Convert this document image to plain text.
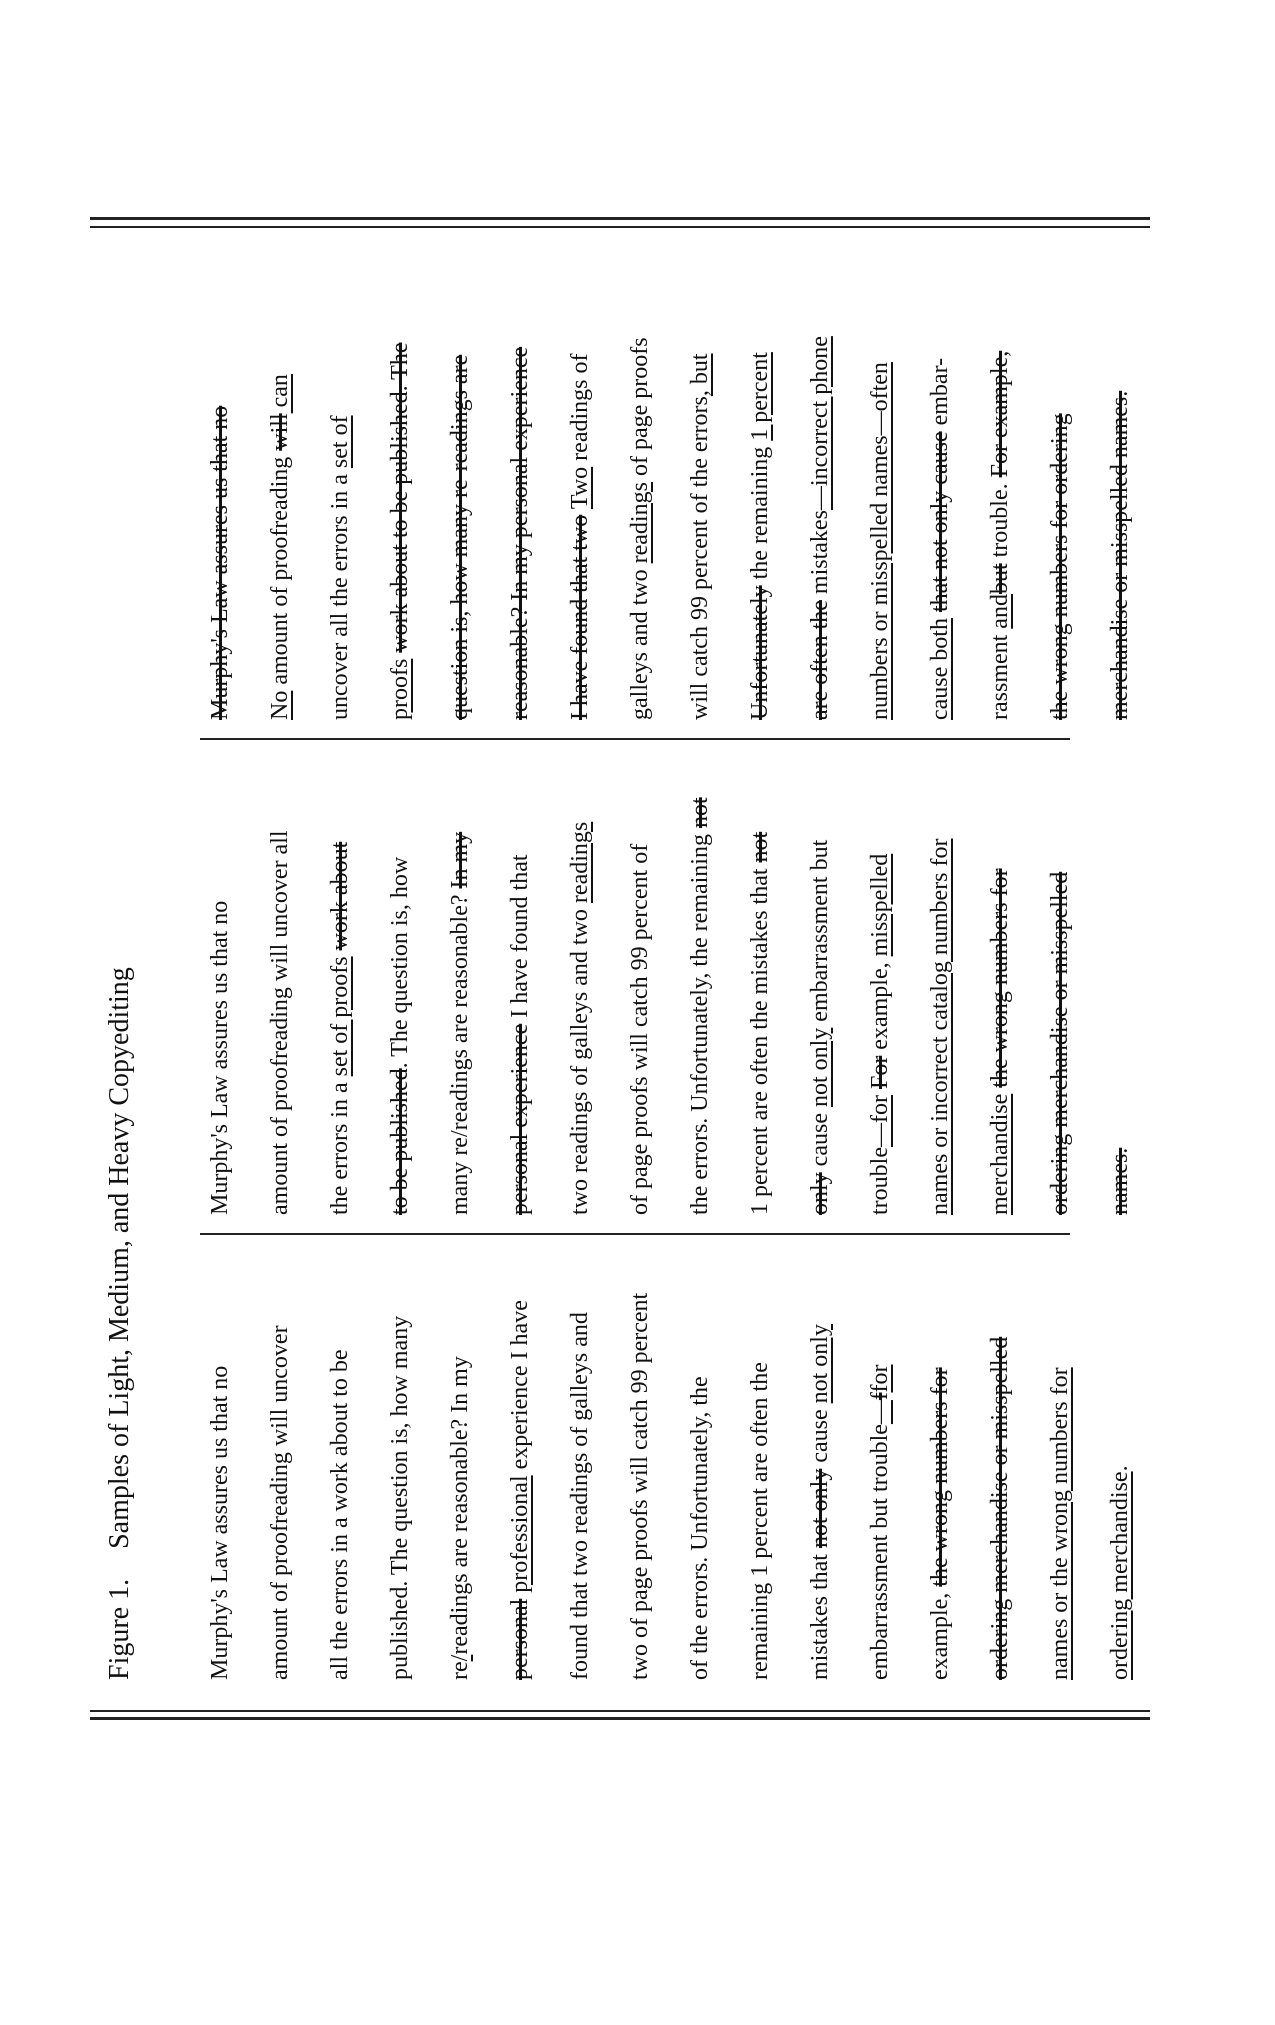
Figure 1.Samples of Light, Medium, and Heavy Copyediting	Murphy's Law assures us that no	amount of proofreading will uncover	all the errors in a work about to be	published. The question is, how many	re/readings are reasonable? In my	personal professional experience I have	found that two readings of galleys and	two of page proofs will catch 99 percent	of the errors. Unfortunately, the	remaining 1 percent are often the	mistakes that not only cause not only

embarrassment but trouble—ffor

example, the wrong numbers for	ordering merchandise or misspelled	names or the wrong numbers for	ordering merchandise.

Murphy's Law assures us that no	amount of proofreading will uncover all	the errors in a set of proofs work about

to be published. The question is, how	many re/readings are reasonable? In my

personal experience I have found that	two readings of galleys and two readings	of page proofs will catch 99 percent of	the errors. Unfortunately, the remaining not

1 percent are often the mistakes that not

only cause not only embarrassment but

trouble—for For example, misspelled	names or incorrect catalog numbers for	merchandise the wrong numbers for	ordering merchandise or misspelled	names.

Murphy's Law assures us that no	No amount of proofreading will can

uncover all the errors in a set of

proofs work about to be published. The	question is, how many re-readings are	reasonable? In my personal experience	I have found that two Two readings of

galleys and two readings of page proofs	will catch 99 percent of the errors, but

Unfortunately the remaining 1 percent

are often the mistakes—incorrect phone	numbers or misspelled names—often	cause both that not only cause embar-

rassment andbut trouble. For example,	the wrong numbers for ordering	merchandise or misspelled names.
